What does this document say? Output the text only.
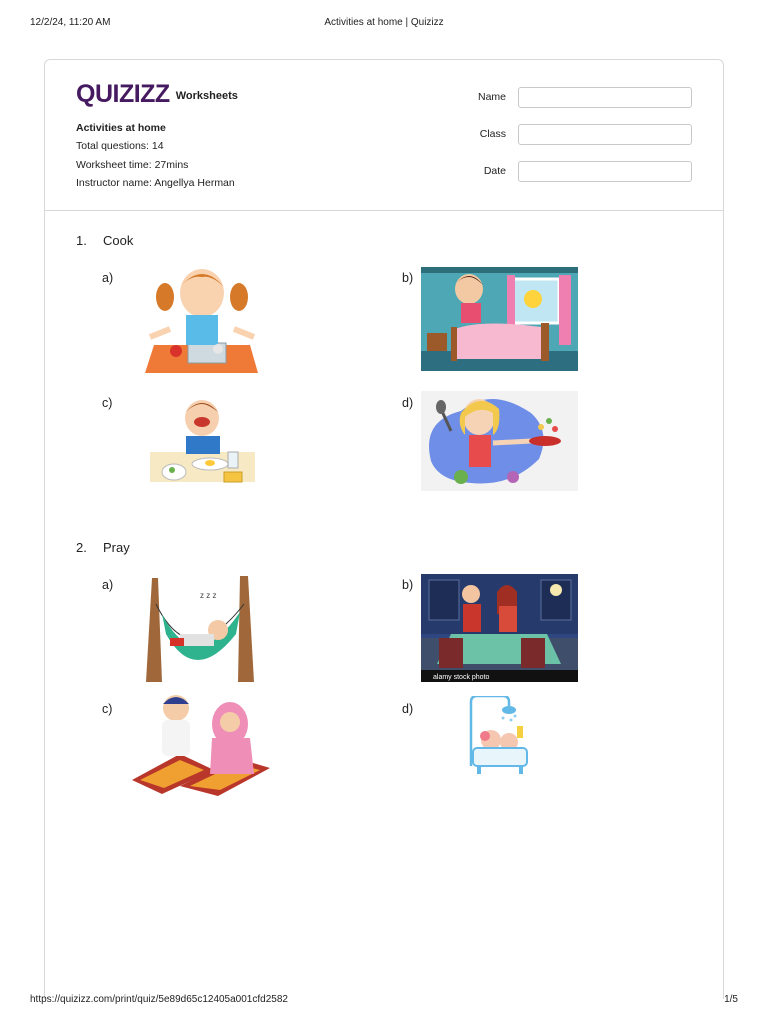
12/2/24, 11:20 AM	Activities at home | Quizizz
QUIZIZZ Worksheets
Activities at home
Total questions: 14
Worksheet time: 27mins
Instructor name: Angellya Herman
Name
Class
Date
1. Cook
a)	b)
c)	d)
2. Pray
a)
z z z
b)
alamy stock photo
c)	d)
https://quizizz.com/print/quiz/5e89d65c12405a001cfd2582	1/5
